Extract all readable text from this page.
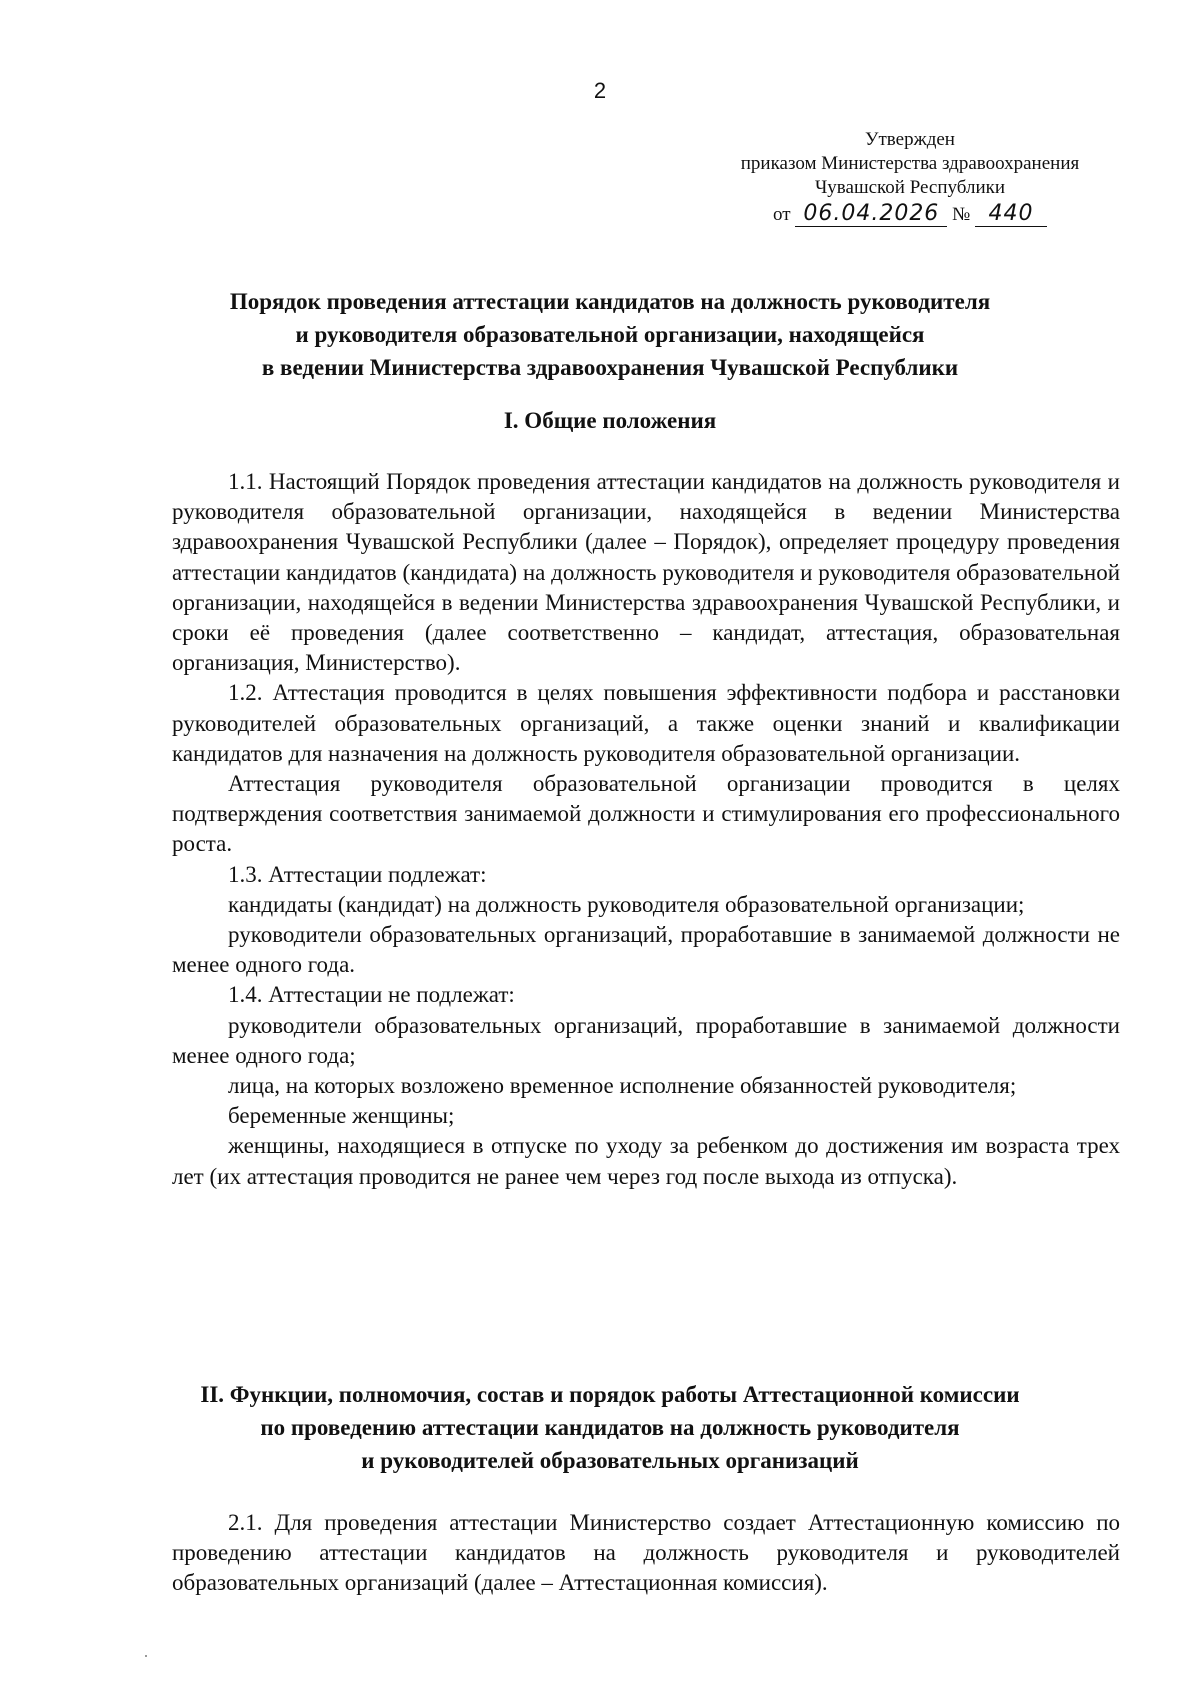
2
Утвержден
приказом Министерства здравоохранения
Чувашской Республики
от 06.04.2026 № 440
Порядок проведения аттестации кандидатов на должность руководителя
и руководителя образовательной организации, находящейся
в ведении Министерства здравоохранения Чувашской Республики
I. Общие положения

1.1. Настоящий Порядок проведения аттестации кандидатов на должность руководителя и руководителя образовательной организации, находящейся в ведении Министерства здравоохранения Чувашской Республики (далее – Порядок), определяет процедуру проведения аттестации кандидатов (кандидата) на должность руководителя и руководителя образовательной организации, находящейся в ведении Министерства здравоохранения Чувашской Республики, и сроки её проведения (далее соответственно – кандидат, аттестация, образовательная организация, Министерство).

1.2. Аттестация проводится в целях повышения эффективности подбора и расстановки руководителей образовательных организаций, а также оценки знаний и квалификации кандидатов для назначения на должность руководителя образовательной организации.

Аттестация руководителя образовательной организации проводится в целях подтверждения соответствия занимаемой должности и стимулирования его профессионального роста.

1.3. Аттестации подлежат:

кандидаты (кандидат) на должность руководителя образовательной организации;

руководители образовательных организаций, проработавшие в занимаемой должности не менее одного года.

1.4. Аттестации не подлежат:

руководители образовательных организаций, проработавшие в занимаемой должности менее одного года;

лица, на которых возложено временное исполнение обязанностей руководителя;

беременные женщины;

женщины, находящиеся в отпуске по уходу за ребенком до достижения им возраста трех лет (их аттестация проводится не ранее чем через год после выхода из отпуска).

II. Функции, полномочия, состав и порядок работы Аттестационной комиссии
по проведению аттестации кандидатов на должность руководителя
и руководителей образовательных организаций

2.1. Для проведения аттестации Министерство создает Аттестационную комиссию по проведению аттестации кандидатов на должность руководителя и руководителей образовательных организаций (далее – Аттестационная комиссия).
